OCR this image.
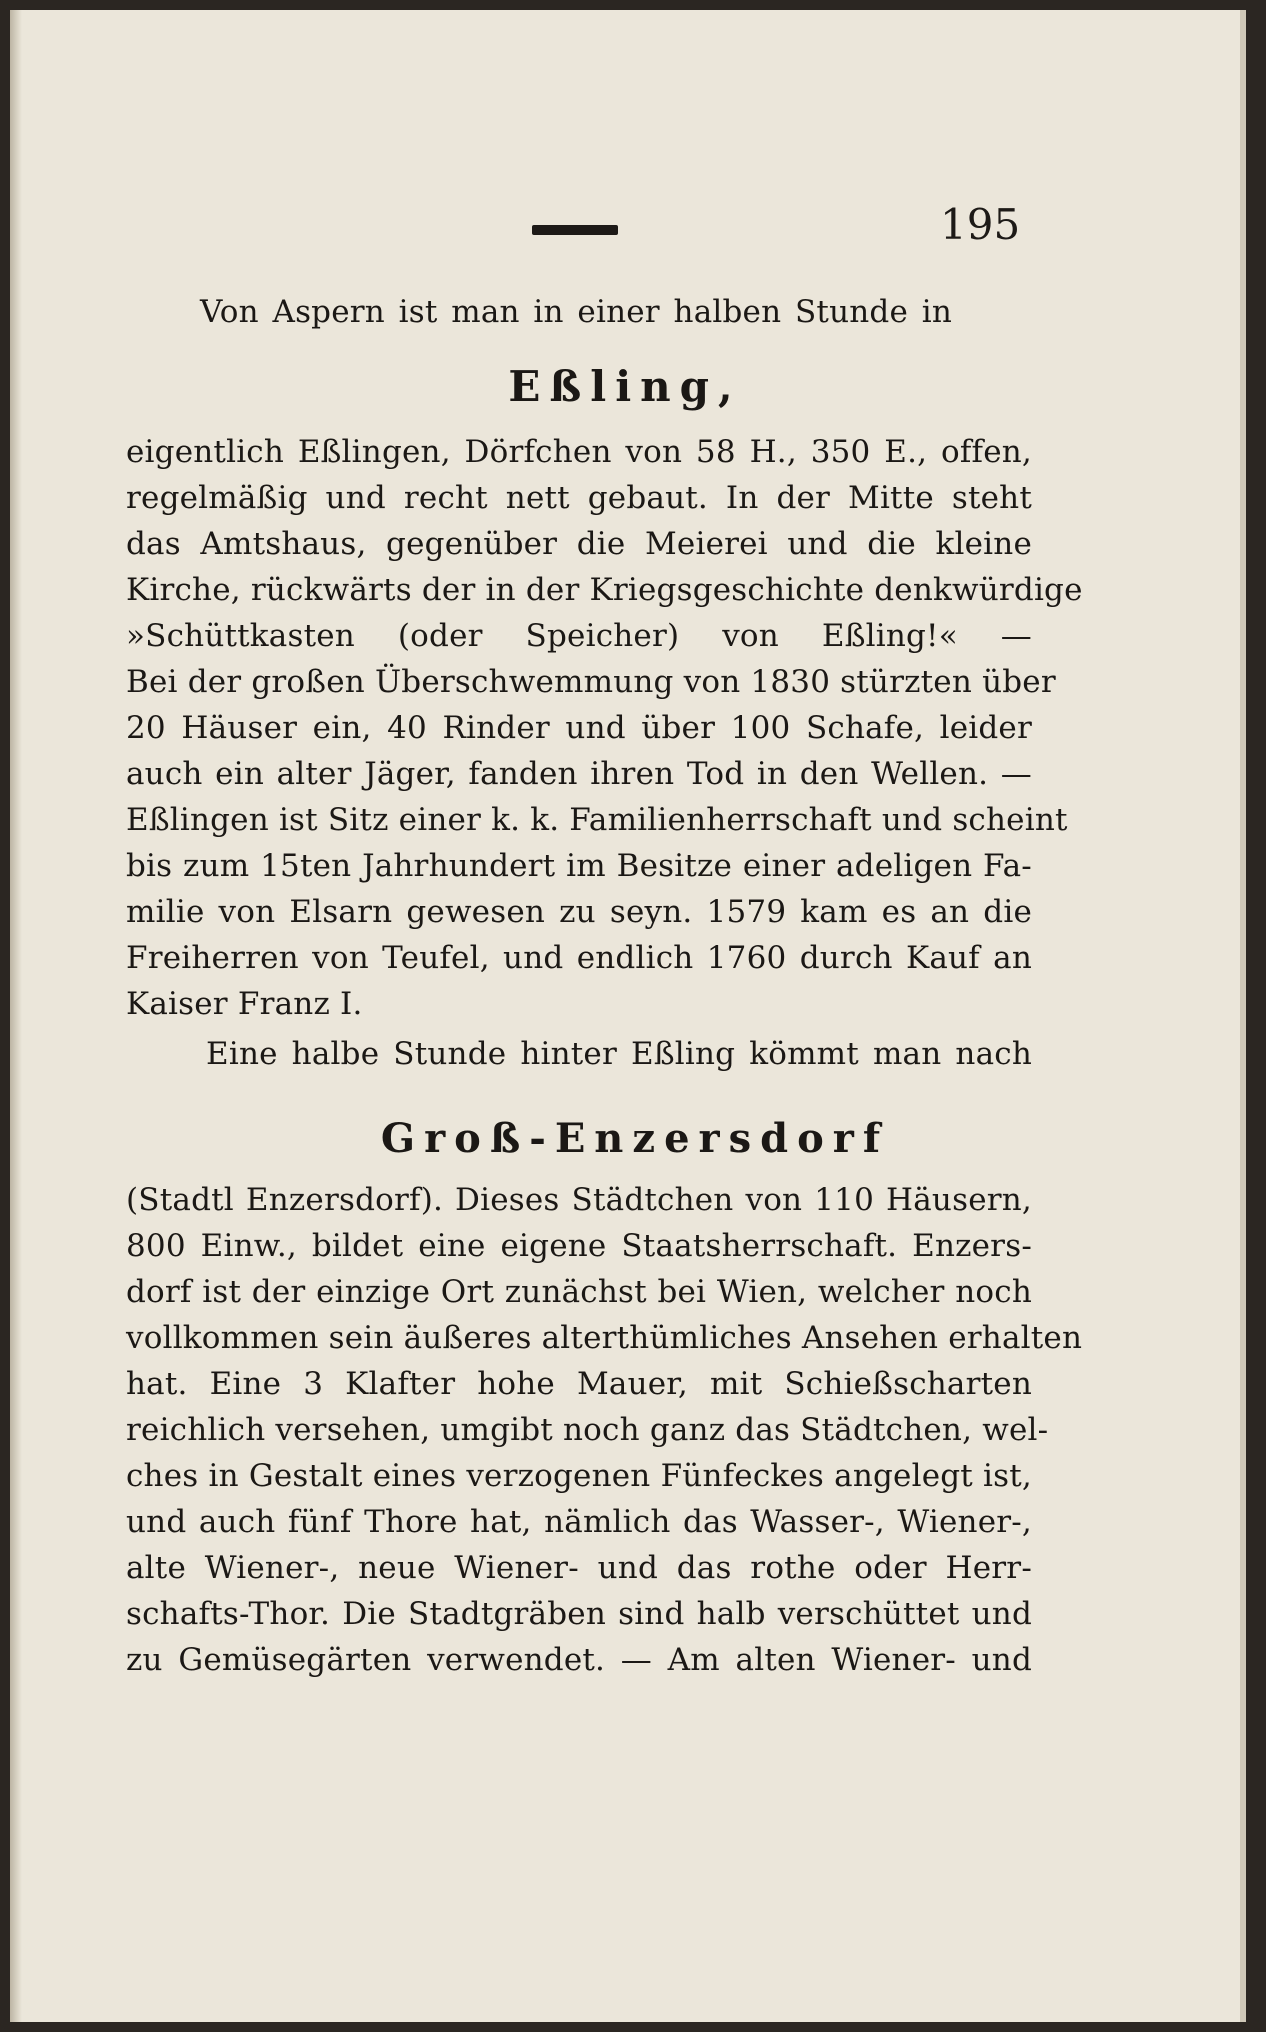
195
Von Aspern ist man in einer halben Stunde in
Eßling,
eigentlich Eßlingen, Dörfchen von 58 H., 350 E., offen,
regelmäßig und recht nett gebaut. In der Mitte steht
das Amtshaus, gegenüber die Meierei und die kleine
Kirche, rückwärts der in der Kriegsgeschichte denkwürdige
»Schüttkasten (oder Speicher) von Eßling!« —
Bei der großen Überschwemmung von 1830 stürzten über
20 Häuser ein, 40 Rinder und über 100 Schafe, leider
auch ein alter Jäger, fanden ihren Tod in den Wellen. —
Eßlingen ist Sitz einer k. k. Familienherrschaft und scheint
bis zum 15ten Jahrhundert im Besitze einer adeligen Fa-
milie von Elsarn gewesen zu seyn. 1579 kam es an die
Freiherren von Teufel, und endlich 1760 durch Kauf an
Kaiser Franz I.
Eine halbe Stunde hinter Eßling kömmt man nach
Groß-Enzersdorf
(Stadtl Enzersdorf). Dieses Städtchen von 110 Häusern,
800 Einw., bildet eine eigene Staatsherrschaft. Enzers-
dorf ist der einzige Ort zunächst bei Wien, welcher noch
vollkommen sein äußeres alterthümliches Ansehen erhalten
hat. Eine 3 Klafter hohe Mauer, mit Schießscharten
reichlich versehen, umgibt noch ganz das Städtchen, wel-
ches in Gestalt eines verzogenen Fünfeckes angelegt ist,
und auch fünf Thore hat, nämlich das Wasser-, Wiener-,
alte Wiener-, neue Wiener- und das rothe oder Herr-
schafts-Thor. Die Stadtgräben sind halb verschüttet und
zu Gemüsegärten verwendet. — Am alten Wiener- und
